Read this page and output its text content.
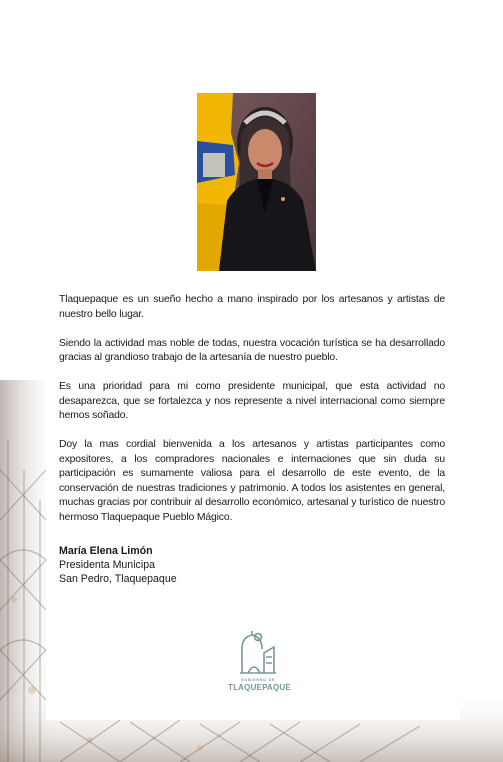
Tlaquepaque es un sueño hecho a mano inspirado por los artesanos y artistas de nuestro bello lugar.

Siendo la actividad mas noble de todas, nuestra vocación turística se ha desarrollado gracias al grandioso trabajo de la artesanía de nuestro pueblo.

Es una prioridad para mi como presidente municipal, que esta actividad no desaparezca, que se fortalezca y nos represente a nivel internacional como siempre hemos soñado.

Doy la mas cordial bienvenida a los artesanos y artistas participantes como expositores, a los compradores nacionales e internaciones que sin duda su participación es sumamente valiosa para el desarrollo de este evento, de la conservación de nuestras tradiciones y patrimonio. A todos los asistentes en general, muchas gracias por contribuir al desarrollo económico, artesanal y turístico de nuestro hermoso Tlaquepaque Pueblo Mágico.

María Elena Limón
Presidenta Municipa
San Pedro, Tlaquepaque
GOBIERNO DE
TLAQUEPAQUE
